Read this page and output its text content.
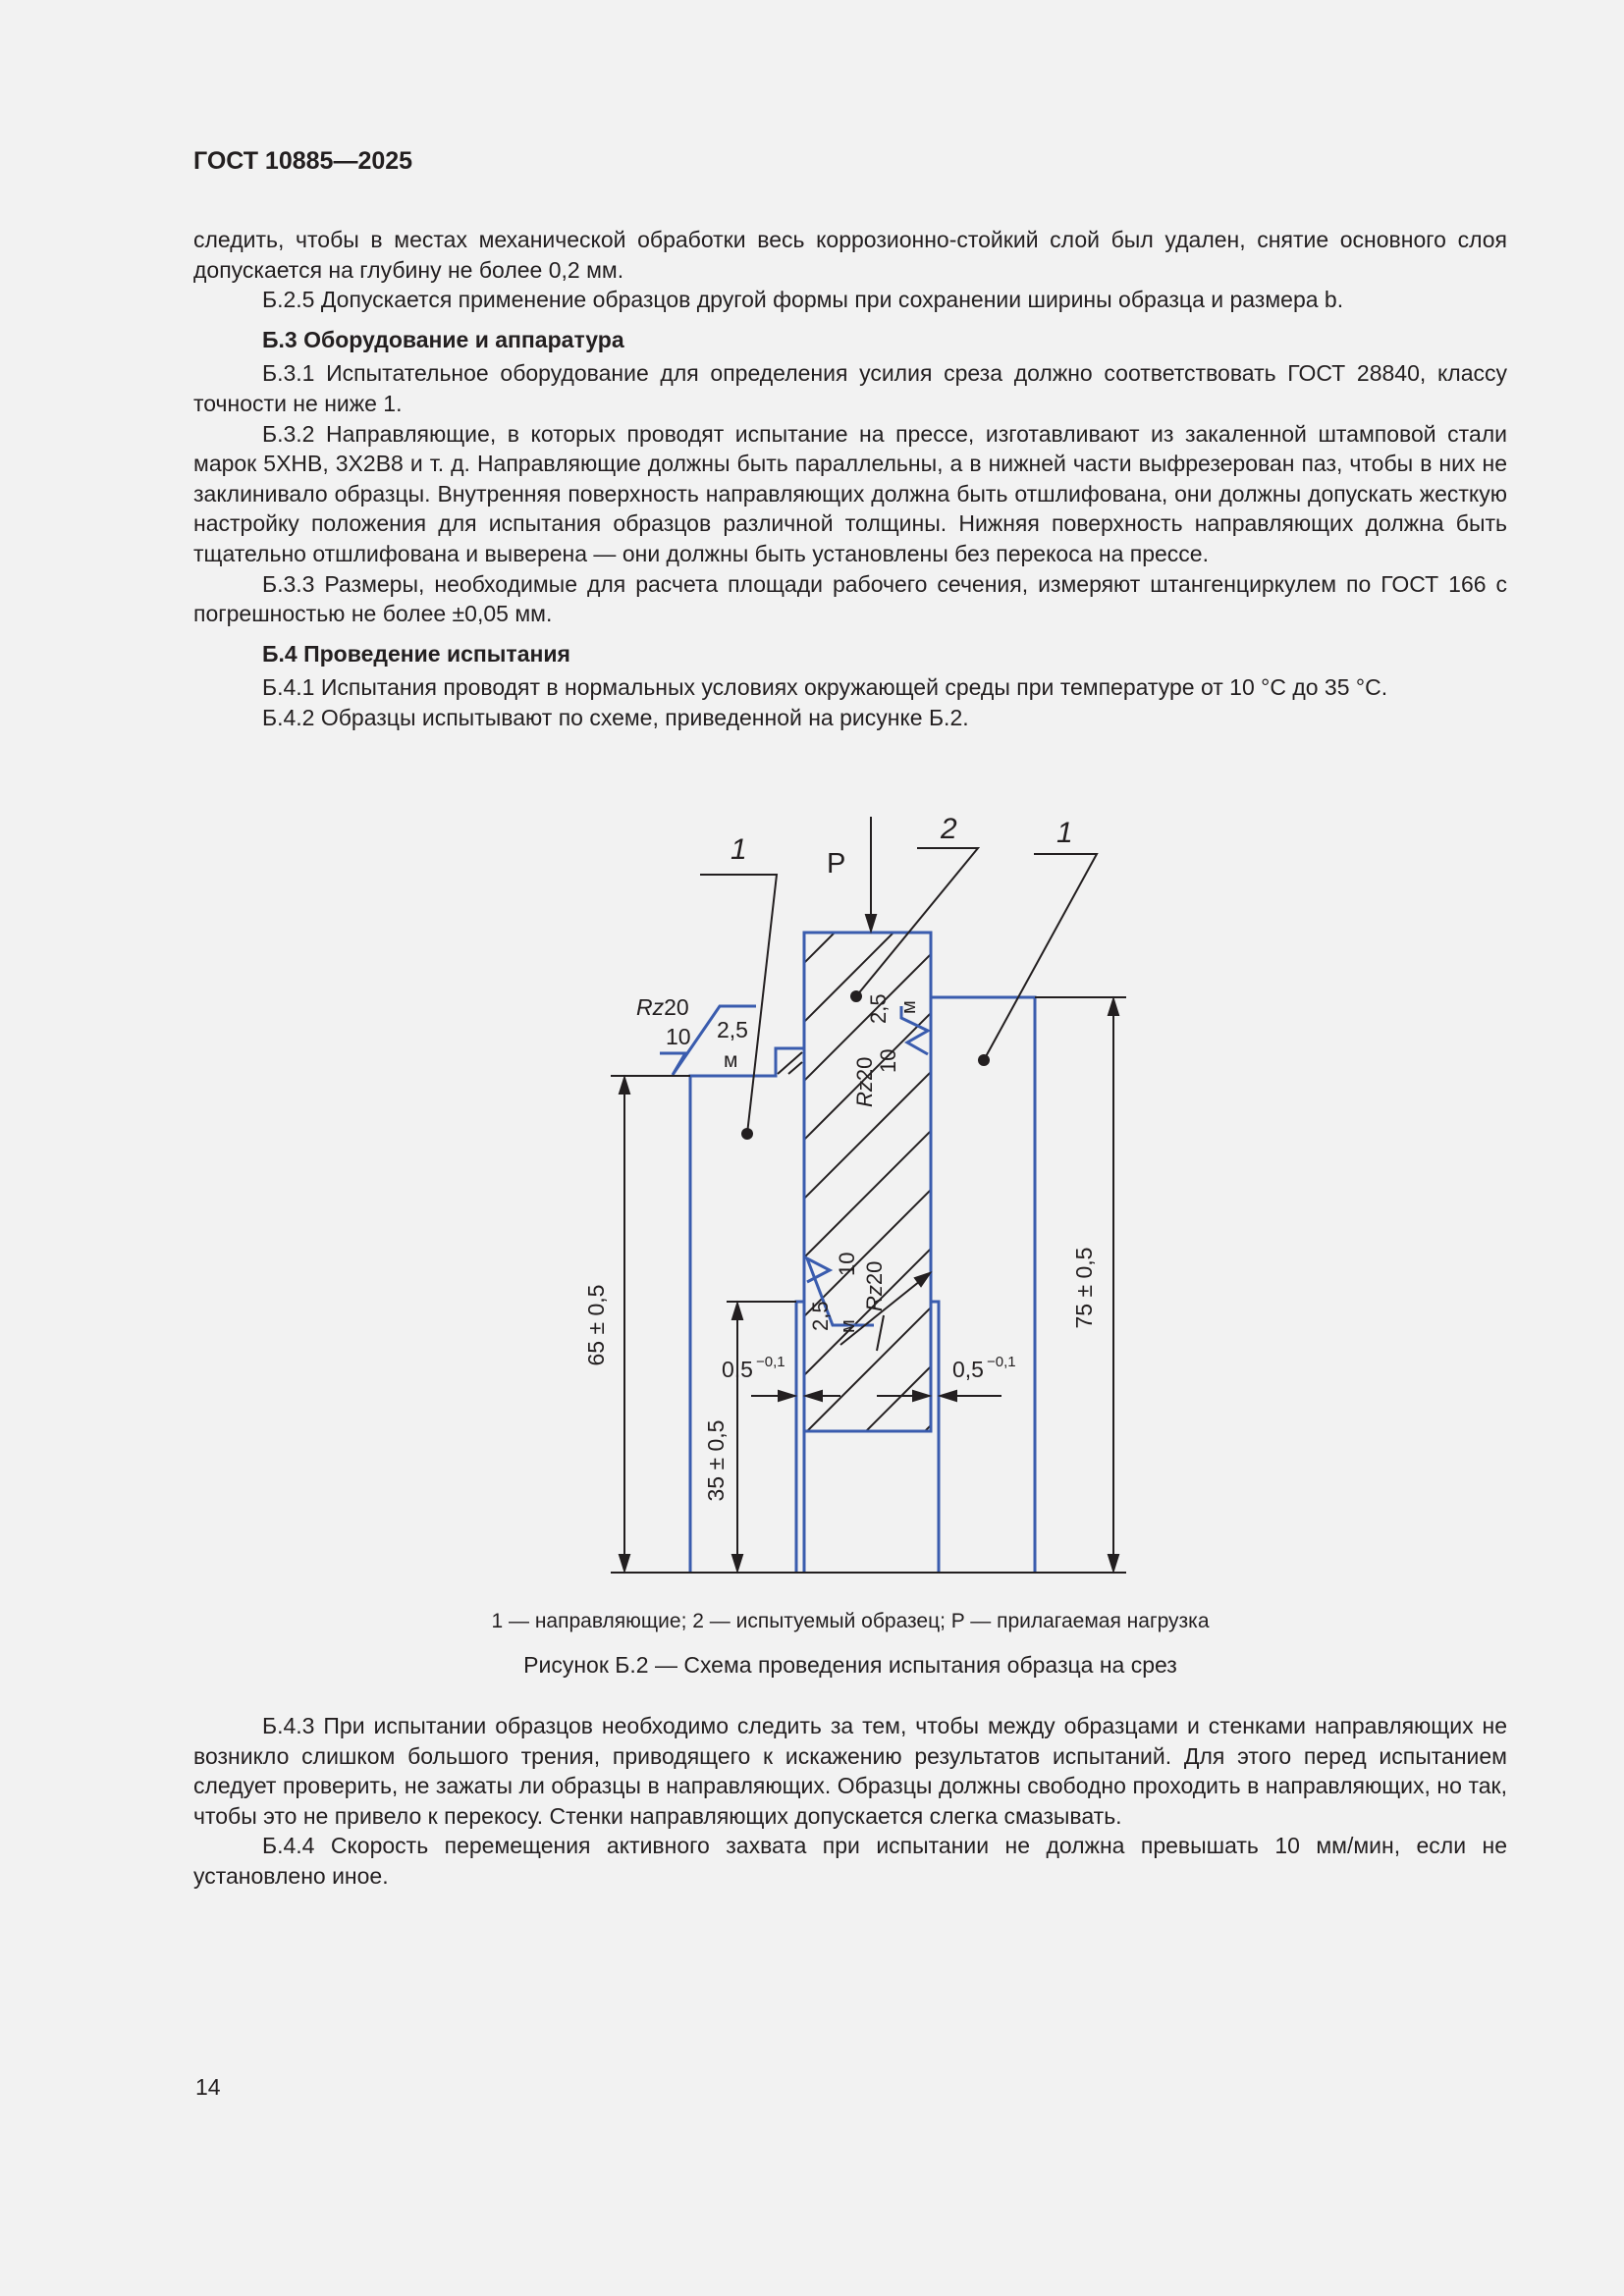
ГОСТ 10885—2025

следить, чтобы в местах механической обработки весь коррозионно-стойкий слой был удален, снятие основного слоя допускается на глубину не более 0,2 мм.

Б.2.5 Допускается применение образцов другой формы при сохранении ширины образца и размера b.

Б.3 Оборудование и аппаратура

Б.3.1 Испытательное оборудование для определения усилия среза должно соответствовать ГОСТ 28840, классу точности не ниже 1.

Б.3.2 Направляющие, в которых проводят испытание на прессе, изготавливают из закаленной штамповой стали марок 5ХНВ, 3Х2В8 и т. д. Направляющие должны быть параллельны, а в нижней части выфрезерован паз, чтобы в них не заклинивало образцы. Внутренняя поверхность направляющих должна быть отшлифована, они должны допускать жесткую настройку положения для испытания образцов различной толщины. Нижняя поверхность направляющих должна быть тщательно отшлифована и выверена — они должны быть установлены без перекоса на прессе.

Б.3.3 Размеры, необходимые для расчета площади рабочего сечения, измеряют штангенциркулем по ГОСТ 166 с погрешностью не более ±0,05 мм.

Б.4 Проведение испытания

Б.4.1 Испытания проводят в нормальных условиях окружающей среды при температуре от 10 °С до 35 °С.

Б.4.2 Образцы испытывают по схеме, приведенной на рисунке Б.2.

1
2	1
P
65 ± 0,5	75 ± 0,5
35 ± 0,5
0,5 −0,1	0,5 −0,1
Rz20
10 2,5
м
2,5 м
10
Rz20
10
Rz20
2,5 м

1 — направляющие; 2 — испытуемый образец; P — прилагаемая нагрузка

Рисунок Б.2 — Схема проведения испытания образца на срез

Б.4.3 При испытании образцов необходимо следить за тем, чтобы между образцами и стенками направляющих не возникло слишком большого трения, приводящего к искажению результатов испытаний. Для этого перед испытанием следует проверить, не зажаты ли образцы в направляющих. Образцы должны свободно проходить в направляющих, но так, чтобы это не привело к перекосу. Стенки направляющих допускается слегка смазывать.

Б.4.4 Скорость перемещения активного захвата при испытании не должна превышать 10 мм/мин, если не установлено иное.

14
